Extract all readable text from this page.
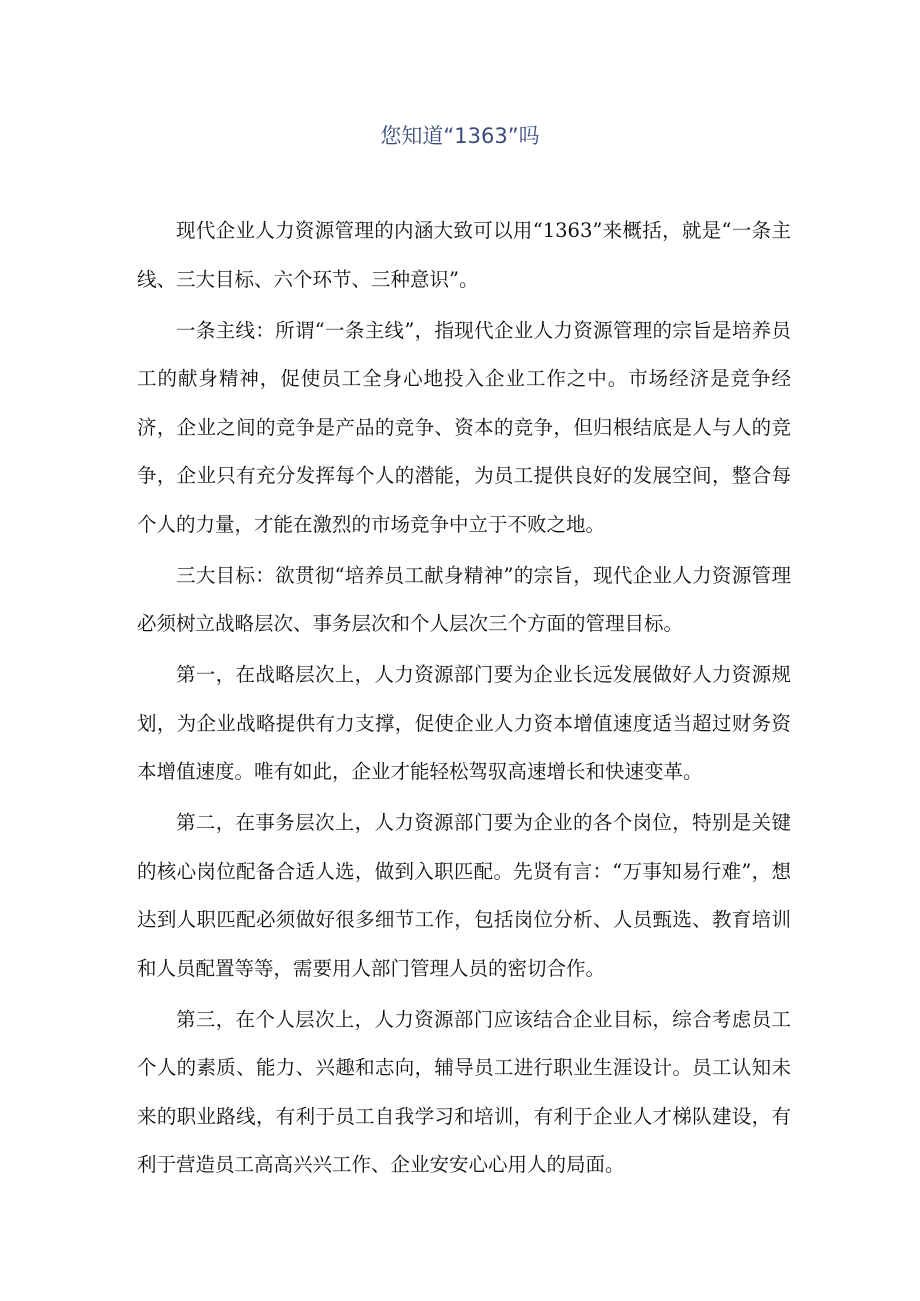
您知道“1363”吗

现代企业人力资源管理的内涵大致可以用“1363”来概括，就是“一条主线、三大目标、六个环节、三种意识”。

一条主线：所谓“一条主线”，指现代企业人力资源管理的宗旨是培养员工的献身精神，促使员工全身心地投入企业工作之中。市场经济是竞争经济，企业之间的竞争是产品的竞争、资本的竞争，但归根结底是人与人的竞争，企业只有充分发挥每个人的潜能，为员工提供良好的发展空间，整合每个人的力量，才能在激烈的市场竞争中立于不败之地。

三大目标：欲贯彻“培养员工献身精神”的宗旨，现代企业人力资源管理必须树立战略层次、事务层次和个人层次三个方面的管理目标。

第一，在战略层次上，人力资源部门要为企业长远发展做好人力资源规划，为企业战略提供有力支撑，促使企业人力资本增值速度适当超过财务资本增值速度。唯有如此，企业才能轻松驾驭高速增长和快速变革。

第二，在事务层次上，人力资源部门要为企业的各个岗位，特别是关键的核心岗位配备合适人选，做到入职匹配。先贤有言：“万事知易行难”，想达到人职匹配必须做好很多细节工作，包括岗位分析、人员甄选、教育培训和人员配置等等，需要用人部门管理人员的密切合作。

第三，在个人层次上，人力资源部门应该结合企业目标，综合考虑员工个人的素质、能力、兴趣和志向，辅导员工进行职业生涯设计。员工认知未来的职业路线，有利于员工自我学习和培训，有利于企业人才梯队建设，有利于营造员工高高兴兴工作、企业安安心心用人的局面。
